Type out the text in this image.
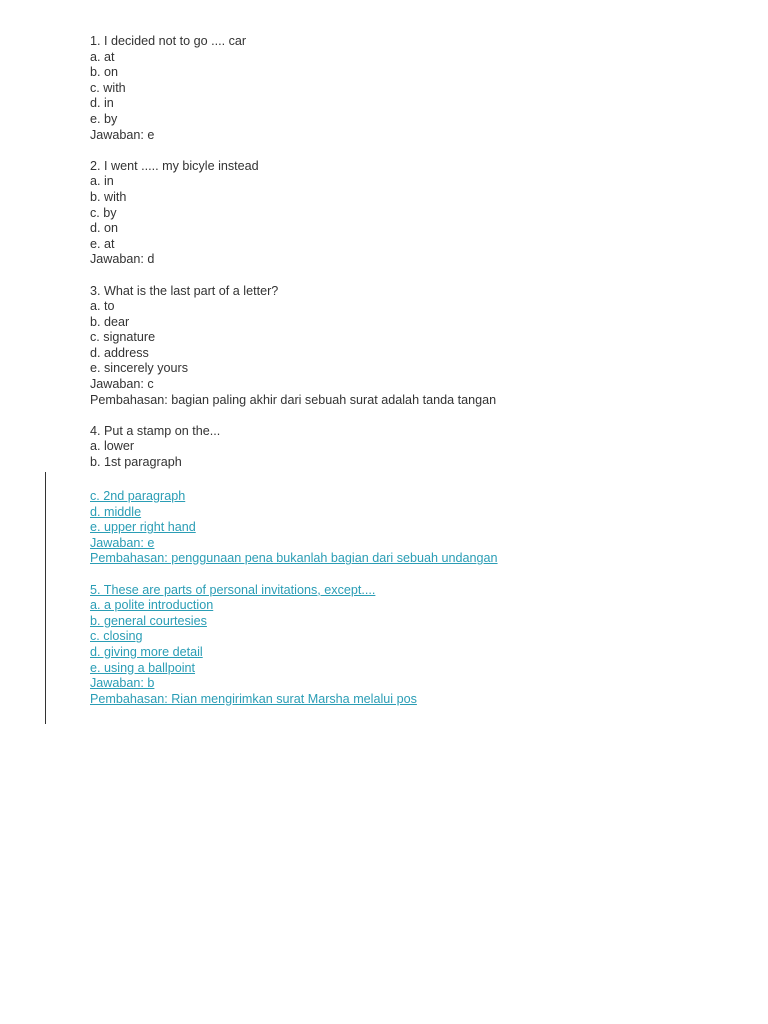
1. I decided not to go .... car
a. at
b. on
c. with
d. in
e. by
Jawaban: e
2. I went ..... my bicyle instead
a. in
b. with
c. by
d. on
e. at
Jawaban: d
3. What is the last part of a letter?
a. to
b. dear
c. signature
d. address
e. sincerely yours
Jawaban: c
Pembahasan: bagian paling akhir dari sebuah surat adalah tanda tangan
4. Put a stamp on the...
a. lower
b. 1st paragraph
c. 2nd paragraph
d. middle
e. upper right hand
Jawaban: e
Pembahasan: penggunaan pena bukanlah bagian dari sebuah undangan
5. These are parts of personal invitations, except....
a. a polite introduction
b. general courtesies
c. closing
d. giving more detail
e. using a ballpoint
Jawaban: b
Pembahasan: Rian mengirimkan surat Marsha melalui pos
